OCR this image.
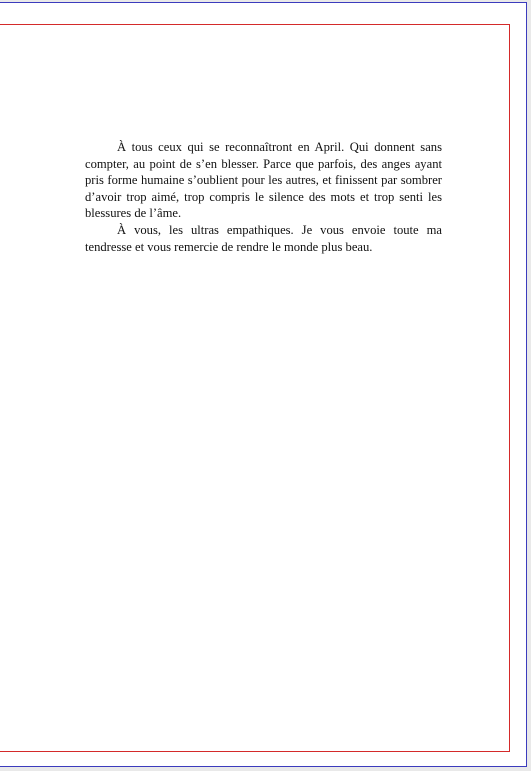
À tous ceux qui se reconnaîtront en April. Qui donnent sans compter, au point de s’en blesser. Parce que parfois, des anges ayant pris forme humaine s’oublient pour les autres, et finissent par sombrer d’avoir trop aimé, trop compris le silence des mots et trop senti les blessures de l’âme.

À vous, les ultras empathiques. Je vous envoie toute ma tendresse et vous remercie de rendre le monde plus beau.
